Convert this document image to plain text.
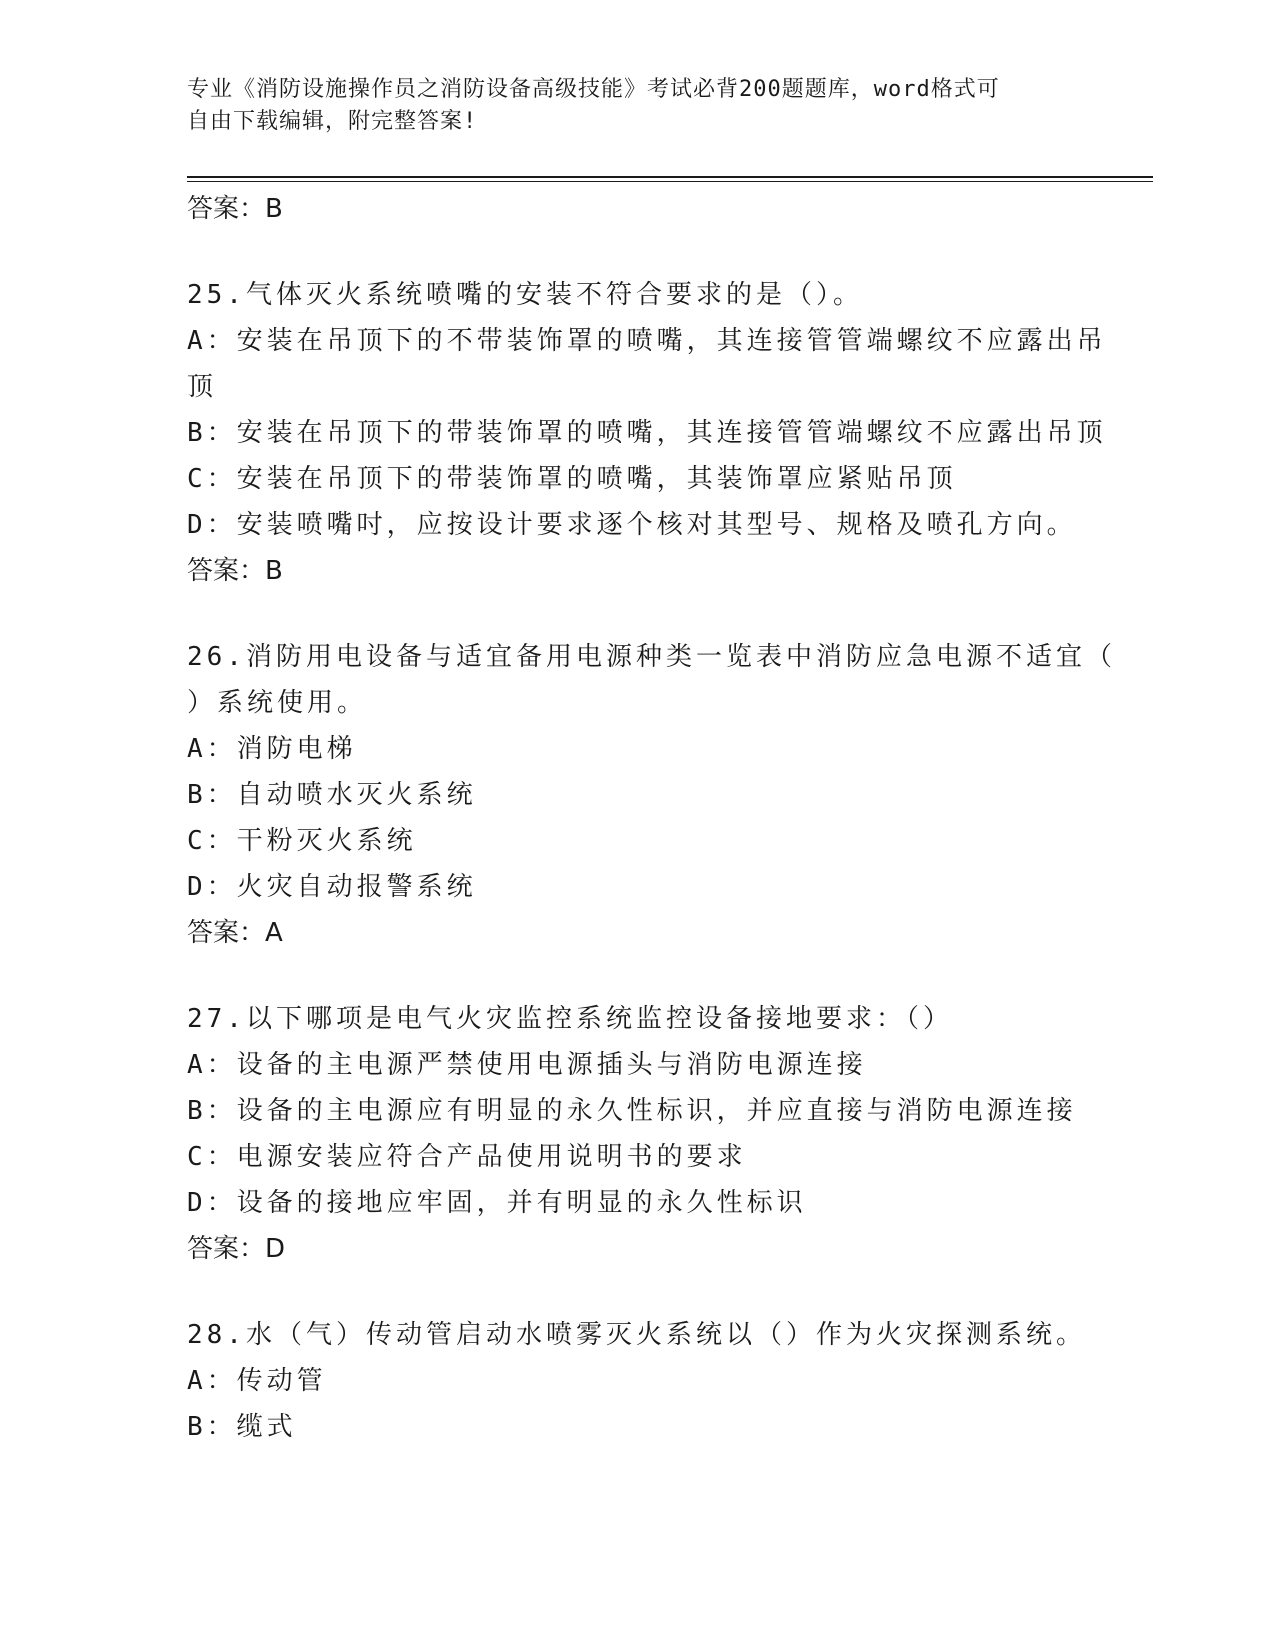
专业《消防设施操作员之消防设备高级技能》考试必背200题题库，word格式可
自由下载编辑，附完整答案!
答案：B
25.气体灭火系统喷嘴的安装不符合要求的是（）。
A：安装在吊顶下的不带装饰罩的喷嘴，其连接管管端螺纹不应露出吊
顶
B：安装在吊顶下的带装饰罩的喷嘴，其连接管管端螺纹不应露出吊顶
C：安装在吊顶下的带装饰罩的喷嘴，其装饰罩应紧贴吊顶
D：安装喷嘴吋，应按设计要求逐个核对其型号、规格及喷孔方向。
答案：B
26.消防用电设备与适宜备用电源种类一览表中消防应急电源不适宜（
）系统使用。
A：消防电梯
B：自动喷水灭火系统
C：干粉灭火系统
D：火灾自动报警系统
答案：A
27.以下哪项是电气火灾监控系统监控设备接地要求：（）
A：设备的主电源严禁使用电源插头与消防电源连接
B：设备的主电源应有明显的永久性标识，并应直接与消防电源连接
C：电源安装应符合产品使用说明书的要求
D：设备的接地应牢固，并有明显的永久性标识
答案：D
28.水（气）传动管启动水喷雾灭火系统以（）作为火灾探测系统。
A：传动管
B：缆式
